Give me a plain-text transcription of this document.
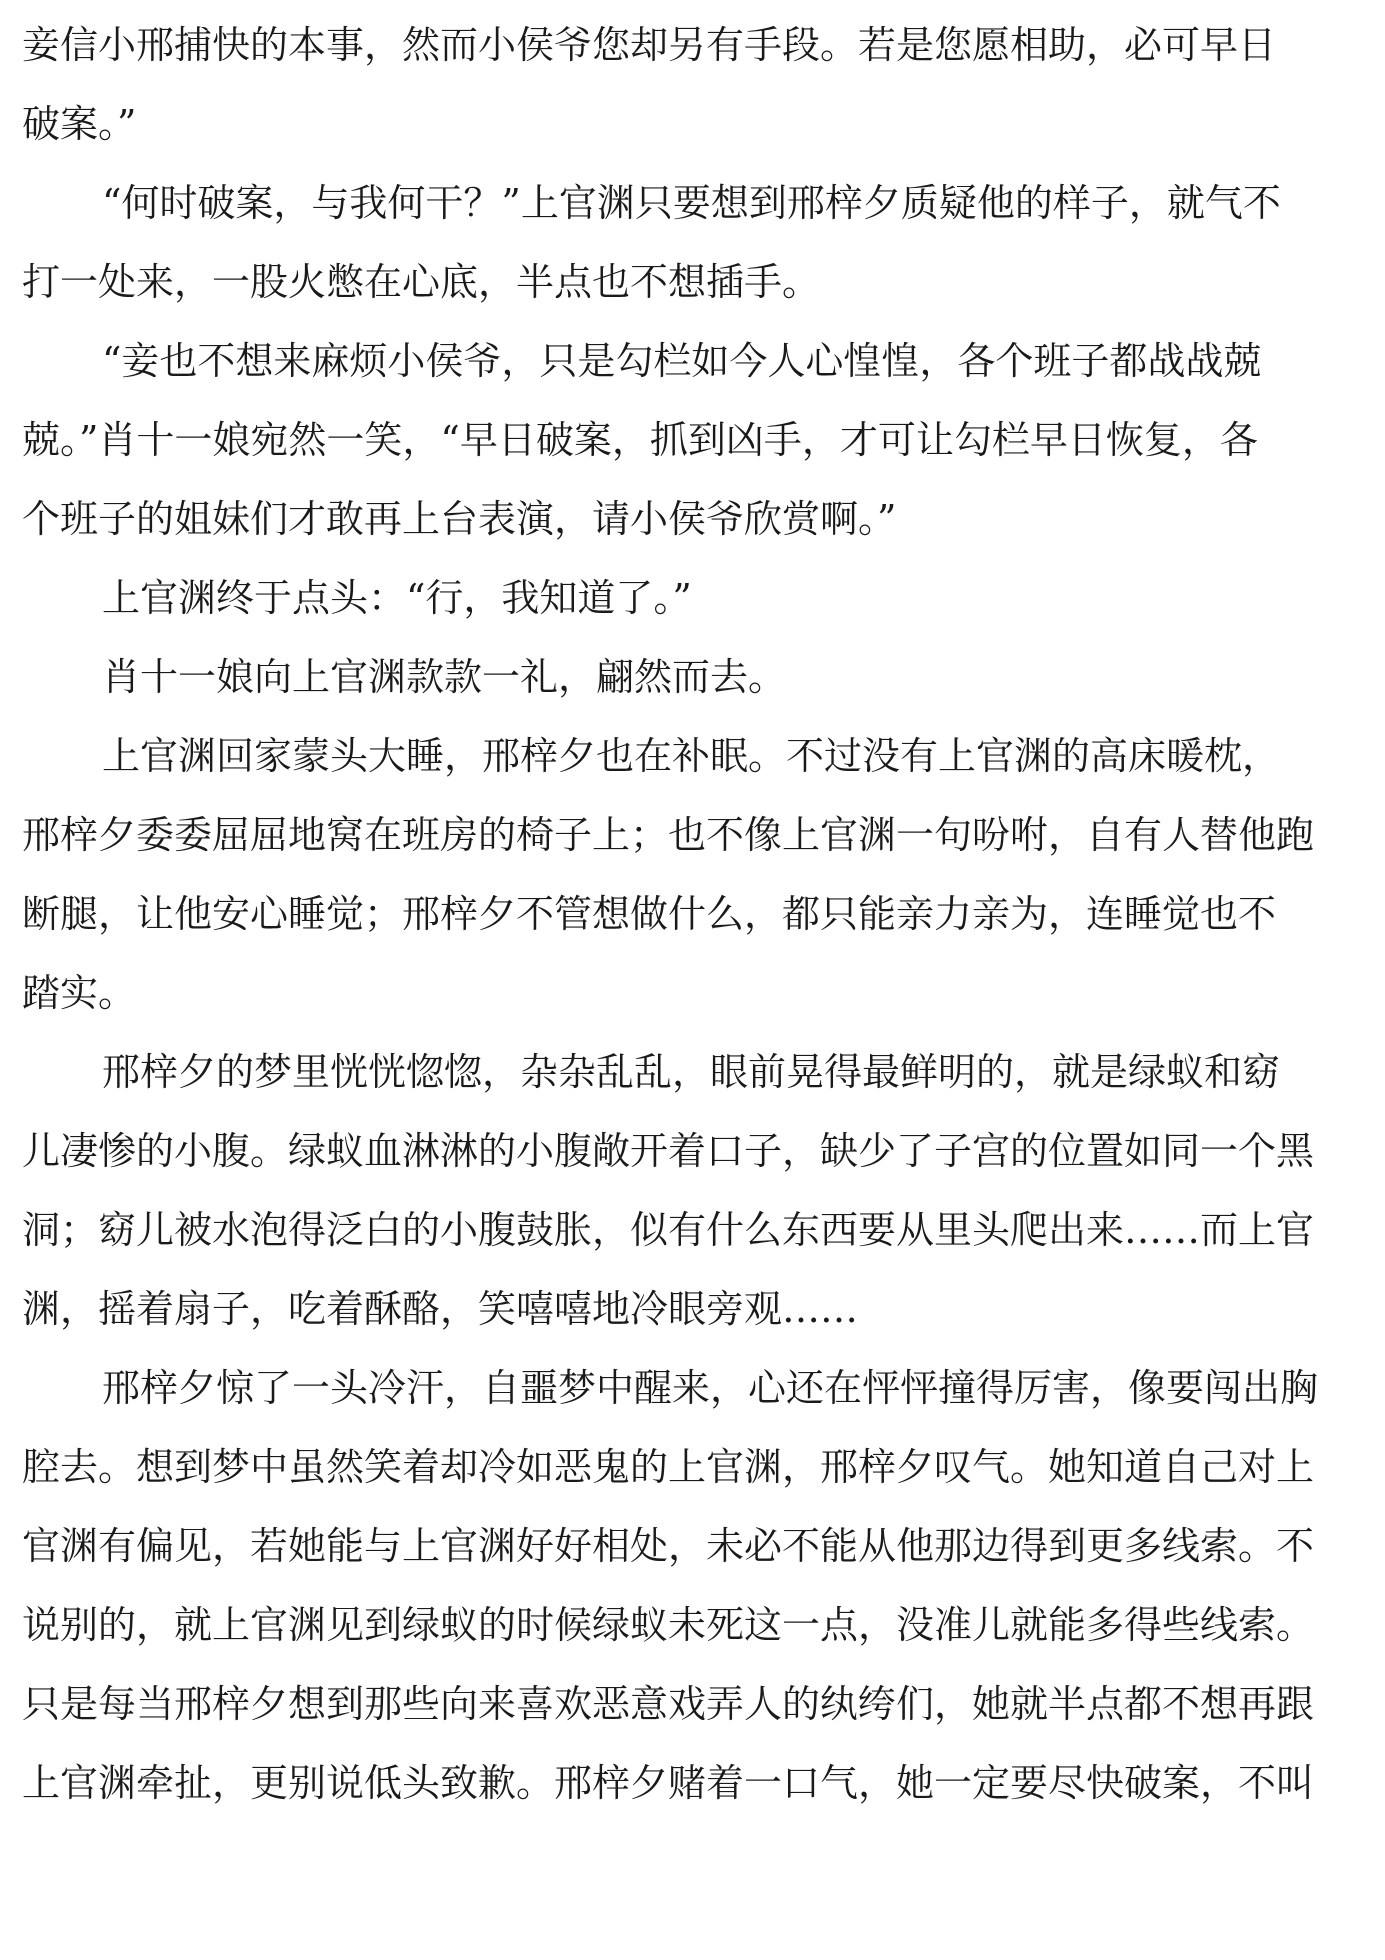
妾信小邢捕快的本事，然而小侯爷您却另有手段。若是您愿相助，必可早日
破案。”
“何时破案，与我何干？”上官渊只要想到邢梓夕质疑他的样子，就气不
打一处来，一股火憋在心底，半点也不想插手。
“妾也不想来麻烦小侯爷，只是勾栏如今人心惶惶，各个班子都战战兢
兢。”肖十一娘宛然一笑，“早日破案，抓到凶手，才可让勾栏早日恢复，各
个班子的姐妹们才敢再上台表演，请小侯爷欣赏啊。”
上官渊终于点头：“行，我知道了。”
肖十一娘向上官渊款款一礼，翩然而去。
上官渊回家蒙头大睡，邢梓夕也在补眠。不过没有上官渊的高床暖枕，
邢梓夕委委屈屈地窝在班房的椅子上；也不像上官渊一句吩咐，自有人替他跑
断腿，让他安心睡觉；邢梓夕不管想做什么，都只能亲力亲为，连睡觉也不
踏实。
邢梓夕的梦里恍恍惚惚，杂杂乱乱，眼前晃得最鲜明的，就是绿蚁和窈
儿凄惨的小腹。绿蚁血淋淋的小腹敞开着口子，缺少了子宫的位置如同一个黑
洞；窈儿被水泡得泛白的小腹鼓胀，似有什么东西要从里头爬出来……而上官
渊，摇着扇子，吃着酥酪，笑嘻嘻地冷眼旁观……
邢梓夕惊了一头冷汗，自噩梦中醒来，心还在怦怦撞得厉害，像要闯出胸
腔去。想到梦中虽然笑着却冷如恶鬼的上官渊，邢梓夕叹气。她知道自己对上
官渊有偏见，若她能与上官渊好好相处，未必不能从他那边得到更多线索。不
说别的，就上官渊见到绿蚁的时候绿蚁未死这一点，没准儿就能多得些线索。
只是每当邢梓夕想到那些向来喜欢恶意戏弄人的纨绔们，她就半点都不想再跟
上官渊牵扯，更别说低头致歉。邢梓夕赌着一口气，她一定要尽快破案，不叫
